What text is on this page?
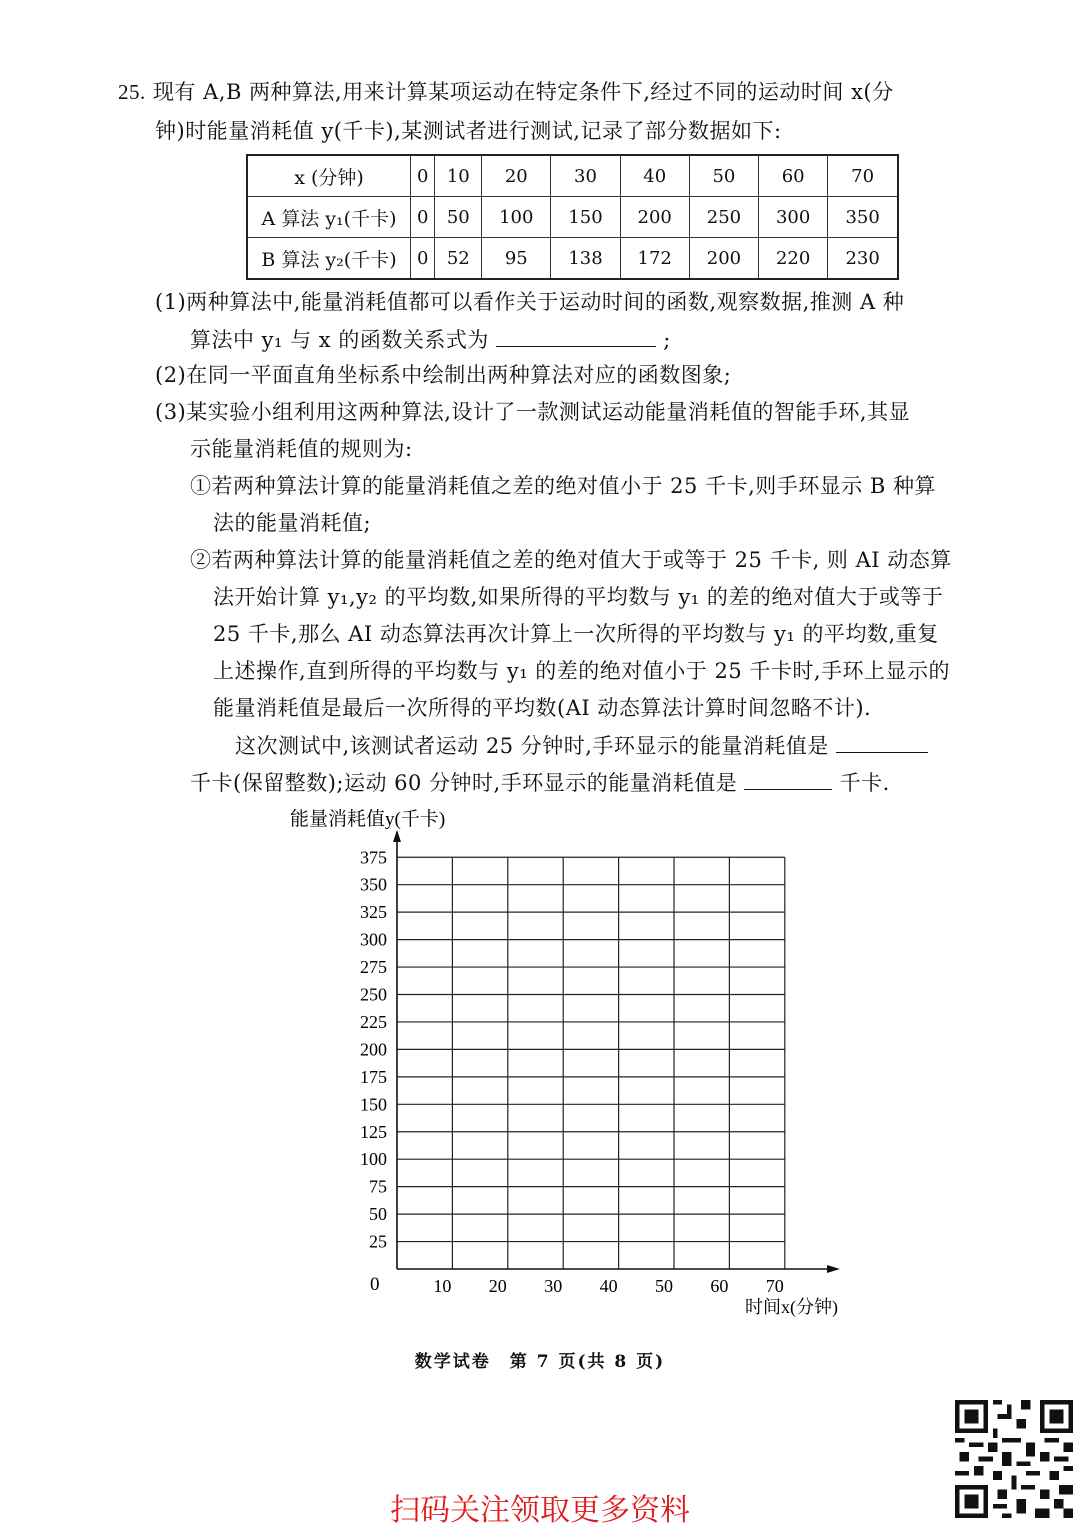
25. 现有 A,B 两种算法,用来计算某项运动在特定条件下,经过不同的运动时间 x(分
钟)时能量消耗值 y(千卡),某测试者进行测试,记录了部分数据如下:
x (分钟)	0	10	20	30	40	50	60	70
A 算法 y₁(千卡)	0	50	100	150	200	250	300	350
B 算法 y₂(千卡)	0	52	95	138	172	200	220	230
(1)两种算法中,能量消耗值都可以看作关于运动时间的函数,观察数据,推测 A 种
算法中 y₁ 与 x 的函数关系式为	;
(2)在同一平面直角坐标系中绘制出两种算法对应的函数图象;
(3)某实验小组利用这两种算法,设计了一款测试运动能量消耗值的智能手环,其显
示能量消耗值的规则为:
①若两种算法计算的能量消耗值之差的绝对值小于 25 千卡,则手环显示 B 种算
法的能量消耗值;
②若两种算法计算的能量消耗值之差的绝对值大于或等于 25 千卡, 则 AI 动态算
法开始计算 y₁,y₂ 的平均数,如果所得的平均数与 y₁ 的差的绝对值大于或等于
25 千卡,那么 AI 动态算法再次计算上一次所得的平均数与 y₁ 的平均数,重复
上述操作,直到所得的平均数与 y₁ 的差的绝对值小于 25 千卡时,手环上显示的
能量消耗值是最后一次所得的平均数(AI 动态算法计算时间忽略不计).
这次测试中,该测试者运动 25 分钟时,手环显示的能量消耗值是
千卡(保留整数);运动 60 分钟时,手环显示的能量消耗值是	千卡.
能量消耗值y(千卡)
时间x(分钟)
0
25
50
75
100
125
150
175
200
225
250
275
300
325
350
375
10 20 30 40 50 60 70
数学试卷　第 7 页(共 8 页)
扫码关注领取更多资料
